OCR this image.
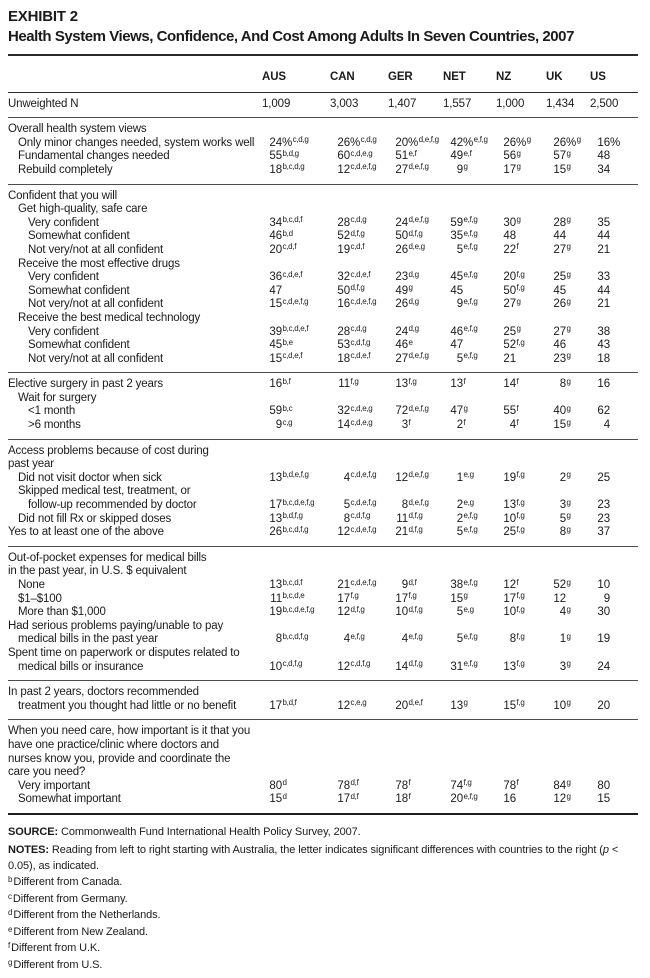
EXHIBIT 2
Health System Views, Confidence, And Cost Among Adults In Seven Countries, 2007
AUS	CAN	GER	NET	NZ	UK	US
Unweighted N	1,009	3,003	1,407	1,557	1,000	1,434	2,500
Overall health system views
Only minor changes needed, system works well	24%$^{c,d,g}$	26%$^{c,d,g}$	20%$^{d,e,f,g}$	42%$^{e,f,g}$	26%$^g$	26%$^g$	16%
Fundamental changes needed	55$^{b,d,g}$	60$^{c,d,e,g}$	51$^{e,f}$	49$^{e,f}$	56$^g$	57$^g$	48
Rebuild completely	18$^{b,c,d,g}$	12$^{c,d,e,f,g}$	27$^{d,e,f,g}$	9$^g$	17$^g$	15$^g$	34
Confident that you will
Get high-quality, safe care
Very confident	34$^{b,c,d,f}$	28$^{c,d,g}$	24$^{d,e,f,g}$	59$^{e,f,g}$	30$^g$	28$^g$	35
Somewhat confident	46$^{b,d}$	52$^{d,f,g}$	50$^{d,f,g}$	35$^{e,f,g}$	48	44	44
Not very/not at all confident	20$^{c,d,f}$	19$^{c,d,f}$	26$^{d,e,g}$	5$^{e,f,g}$	22$^f$	27$^g$	21
Receive the most effective drugs
Very confident	36$^{c,d,e,f}$	32$^{c,d,e,f}$	23$^{d,g}$	45$^{e,f,g}$	20$^{f,g}$	25$^g$	33
Somewhat confident	47	50$^{d,f,g}$	49$^g$	45	50$^{f,g}$	45	44
Not very/not at all confident	15$^{c,d,e,f,g}$	16$^{c,d,e,f,g}$	26$^{d,g}$	9$^{e,f,g}$	27$^g$	26$^g$	21
Receive the best medical technology
Very confident	39$^{b,c,d,e,f}$	28$^{c,d,g}$	24$^{d,g}$	46$^{e,f,g}$	25$^g$	27$^g$	38
Somewhat confident	45$^{b,e}$	53$^{c,d,f,g}$	46e	47	52$^{f,g}$	46	43
Not very/not at all confident	15$^{c,d,e,f}$	18$^{c,d,e,f}$	27$^{d,e,f,g}$	5$^{e,f,g}$	21	23$^g$	18
Elective surgery in past 2 years	16$^{b,f}$	11$^{f,g}$	13$^{f,g}$	13$^f$	14$^f$	8$^g$	16
Wait for surgery
<1 month	59$^{b,c}$	32$^{c,d,e,g}$	72$^{d,e,f,g}$	47$^g$	55$^f$	40$^g$	62
>6 months	9$^{c,g}$	14$^{c,d,e,g}$	3$^f$	2$^f$	4$^f$	15$^g$	4
Access problems because of cost during
past year
Did not visit doctor when sick	13$^{b,d,e,f,g}$	4$^{c,d,e,f,g}$	12$^{d,e,f,g}$	1$^{e,g}$	19$^{f,g}$	2$^g$	25
Skipped medical test, treatment, or
follow-up recommended by doctor	17$^{b,c,d,e,f,g}$	5$^{c,d,e,f,g}$	8$^{d,e,f,g}$	2$^{e,g}$	13$^{f,g}$	3$^g$	23
Did not fill Rx or skipped doses	13$^{b,d,f,g}$	8$^{c,d,f,g}$	11$^{d,f,g}$	2$^{e,f,g}$	10$^{f,g}$	5$^g$	23
Yes to at least one of the above	26$^{b,c,d,f,g}$	12$^{c,d,e,f,g}$	21$^{d,f,g}$	5$^{e,f,g}$	25$^{f,g}$	8$^g$	37
Out-of-pocket expenses for medical bills
in the past year, in U.S. $ equivalent
None	13$^{b,c,d,f}$	21$^{c,d,e,f,g}$	9$^{d,f}$	38$^{e,f,g}$	12$^f$	52$^g$	10
$1–$100	11$^{b,c,d,e}$	17$^{f,g}$	17$^{f,g}$	15$^g$	17$^{f,g}$	12	9
More than $1,000	19$^{b,c,d,e,f,g}$	12$^{d,f,g}$	10$^{d,f,g}$	5$^{e,g}$	10$^{f,g}$	4$^g$	30
Had serious problems paying/unable to pay
medical bills in the past year	8$^{b,c,d,f,g}$	4$^{e,f,g}$	4$^{e,f,g}$	5$^{e,f,g}$	8$^{f,g}$	1$^g$	19
Spent time on paperwork or disputes related to
medical bills or insurance	10$^{c,d,f,g}$	12$^{c,d,f,g}$	14$^{d,f,g}$	31$^{e,f,g}$	13$^{f,g}$	3$^g$	24
In past 2 years, doctors recommended
treatment you thought had little or no benefit	17$^{b,d,f}$	12$^{c,e,g}$	20$^{d,e,f}$	13$^g$	15$^{f,g}$	10$^g$	20
When you need care, how important is it that you
have one practice/clinic where doctors and
nurses know you, provide and coordinate the
care you need?
Very important	80$^d$	78$^{d,f}$	78$^f$	74$^{f,g}$	78$^f$	84$^g$	80
Somewhat important	15$^d$	17$^{d,f}$	18$^f$	20$^{e,f,g}$	16	12$^g$	15
SOURCE: Commonwealth Fund International Health Policy Survey, 2007.
NOTES: Reading from left to right starting with Australia, the letter indicates significant differences with countries to the right (p < 0.05), as indicated.
$^b$Different from Canada.
$^c$Different from Germany.
$^d$Different from the Netherlands.
$^e$Different from New Zealand.
$^f$Different from U.K.
$^g$Different from U.S.
